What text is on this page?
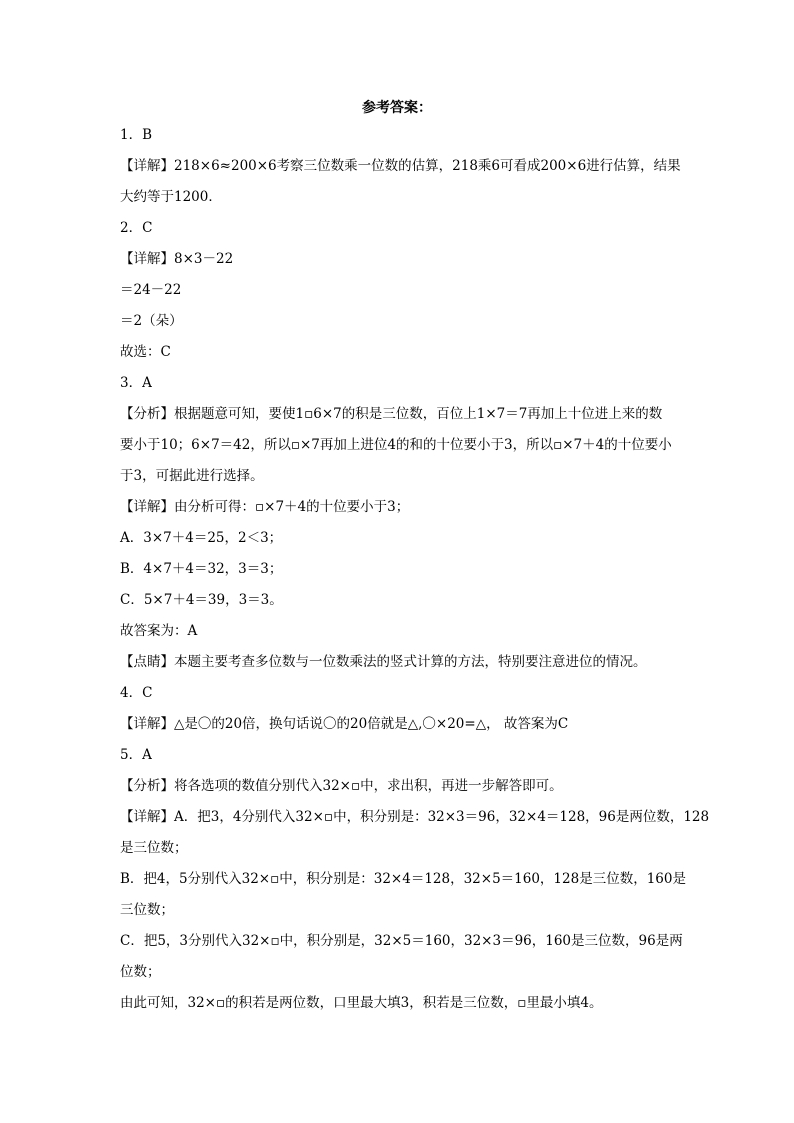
参考答案：

1．B

【详解】218×6≈200×6考察三位数乘一位数的估算，218乘6可看成200×6进行估算，结果

大约等于1200．

2．C

【详解】8×3－22

＝24－22

＝2（朵）

故选：C

3．A

【分析】根据题意可知，要使1▫6×7的积是三位数，百位上1×7＝7再加上十位进上来的数

要小于10；6×7＝42，所以▫×7再加上进位4的和的十位要小于3，所以▫×7＋4的十位要小

于3，可据此进行选择。

【详解】由分析可得：▫×7＋4的十位要小于3；

A．3×7＋4＝25，2＜3；

B．4×7＋4＝32，3＝3；

C．5×7＋4＝39，3＝3。

故答案为：A

【点睛】本题主要考查多位数与一位数乘法的竖式计算的方法，特别要注意进位的情况。

4．C

【详解】△是〇的20倍，换句话说〇的20倍就是△,〇×20=△， 故答案为C

5．A

【分析】将各选项的数值分别代入32×▫中，求出积，再进一步解答即可。

【详解】A．把3，4分别代入32×▫中，积分别是：32×3＝96，32×4＝128，96是两位数，128

是三位数；

B．把4，5分别代入32×▫中，积分别是：32×4＝128，32×5＝160，128是三位数，160是

三位数；

C．把5，3分别代入32×▫中，积分别是，32×5＝160，32×3＝96，160是三位数，96是两

位数；

由此可知，32×▫的积若是两位数，口里最大填3，积若是三位数，▫里最小填4。
